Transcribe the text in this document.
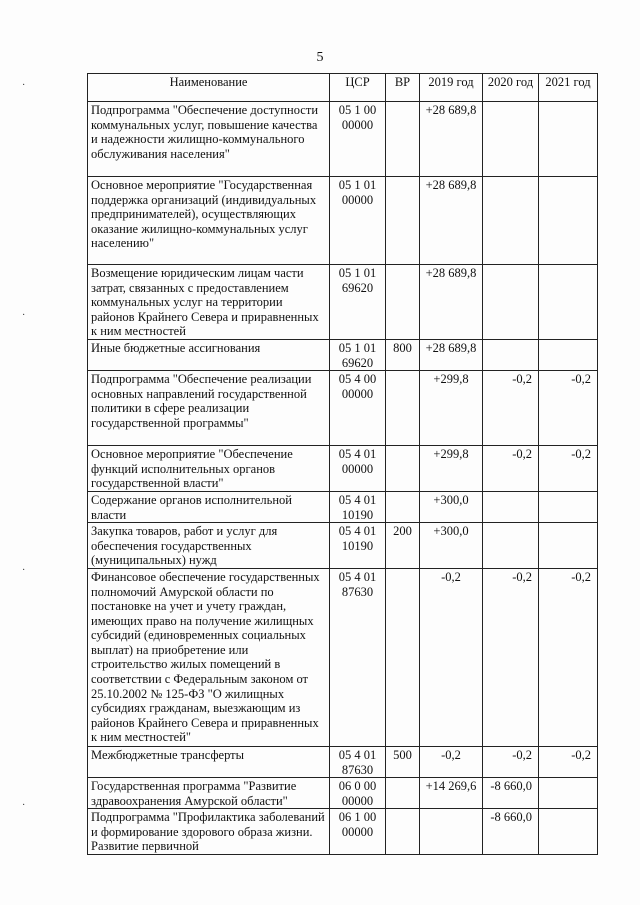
5
·
·
·
·
Наименование	ЦСР	ВР	2019 год	2020 год	2021 год
Подпрограмма "Обеспечение доступности коммунальных услуг, повышение качества и надежности жилищно-коммунального обслуживания населения"	05 1 00 00000		+28 689,8		
Основное мероприятие "Государственная поддержка организаций (индивидуальных предпринимателей), осуществляющих оказание жилищно-коммунальных услуг населению"	05 1 01 00000		+28 689,8		
Возмещение юридическим лицам части затрат, связанных с предоставлением коммунальных услуг на территории районов Крайнего Севера и приравненных к ним местностей	05 1 01 69620		+28 689,8		
Иные бюджетные ассигнования	05 1 01 69620	800	+28 689,8		
Подпрограмма "Обеспечение реализации основных направлений государственной политики в сфере реализации государственной программы"	05 4 00 00000		+299,8	-0,2	-0,2
Основное мероприятие "Обеспечение функций исполнительных органов государственной власти"	05 4 01 00000		+299,8	-0,2	-0,2
Содержание органов исполнительной власти	05 4 01 10190		+300,0		
Закупка товаров, работ и услуг для обеспечения государственных (муниципальных) нужд	05 4 01 10190	200	+300,0		
Финансовое обеспечение государственных полномочий Амурской области по постановке на учет и учету граждан, имеющих право на получение жилищных субсидий (единовременных социальных выплат) на приобретение или строительство жилых помещений в соответствии с Федеральным законом от 25.10.2002 № 125-ФЗ "О жилищных субсидиях гражданам, выезжающим из районов Крайнего Севера и приравненных к ним местностей"	05 4 01 87630		-0,2	-0,2	-0,2
Межбюджетные трансферты	05 4 01 87630	500	-0,2	-0,2	-0,2
Государственная программа "Развитие здравоохранения Амурской области"	06 0 00 00000		+14 269,6	-8 660,0	
Подпрограмма "Профилактика заболеваний и формирование здорового образа жизни. Развитие первичной	06 1 00 00000			-8 660,0	
